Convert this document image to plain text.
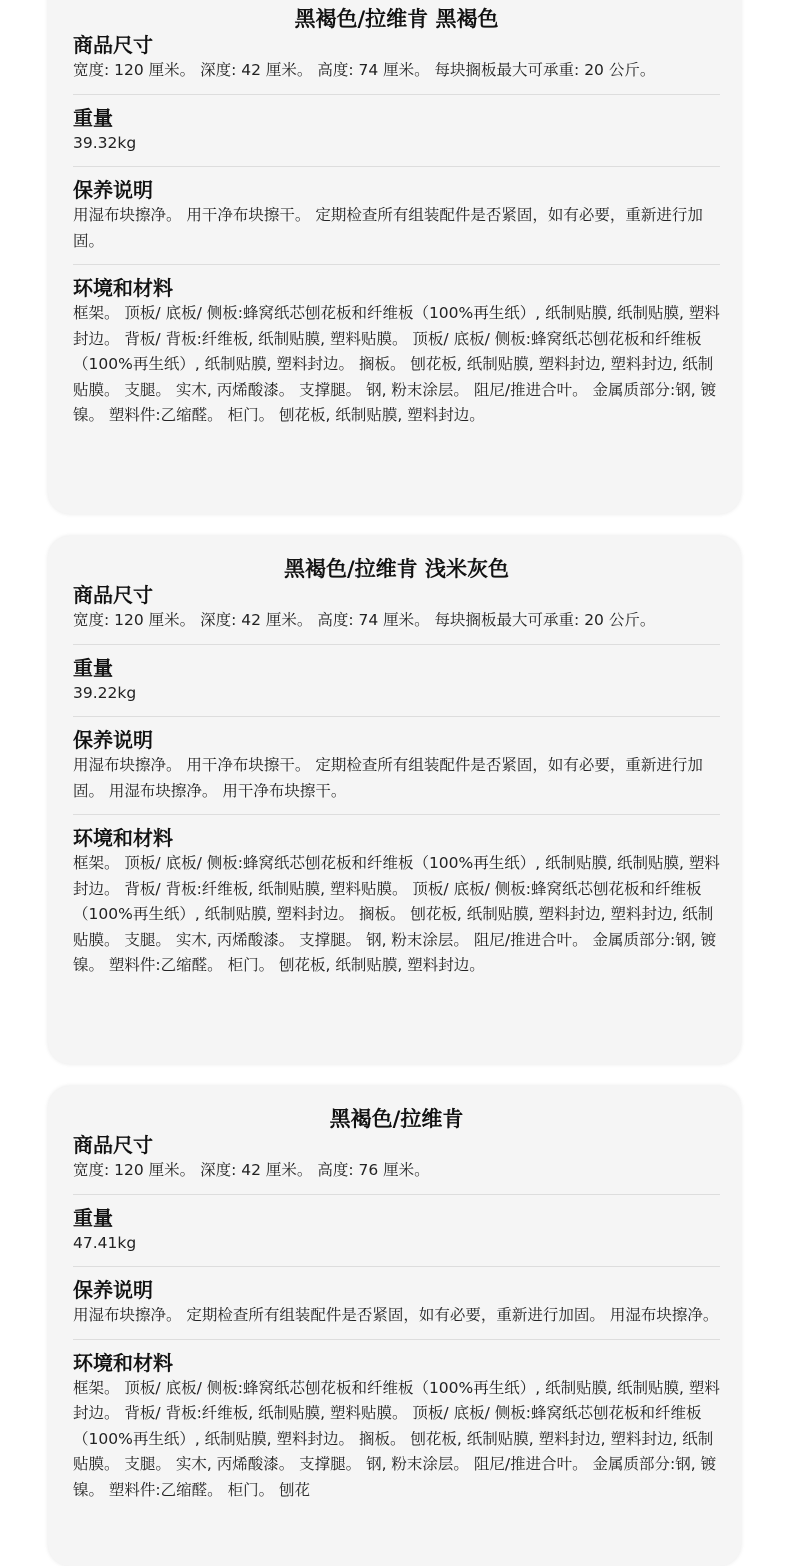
黑褐色/拉维肯 黑褐色
商品尺寸

宽度: 120 厘米。 深度: 42 厘米。 高度: 74 厘米。 每块搁板最大可承重: 20 公斤。

重量

39.32kg

保养说明

用湿布块擦净。 用干净布块擦干。 定期检查所有组装配件是否紧固，如有必要，重新进行加固。

环境和材料

框架。 顶板/ 底板/ 侧板:蜂窝纸芯刨花板和纤维板（100%再生纸）, 纸制贴膜, 纸制贴膜, 塑料封边。 背板/ 背板:纤维板, 纸制贴膜, 塑料贴膜。 顶板/ 底板/ 侧板:蜂窝纸芯刨花板和纤维板（100%再生纸）, 纸制贴膜, 塑料封边。 搁板。 刨花板, 纸制贴膜, 塑料封边, 塑料封边, 纸制贴膜。 支腿。 实木, 丙烯酸漆。 支撑腿。 钢, 粉末涂层。 阻尼/推进合叶。 金属质部分:钢, 镀镍。 塑料件:乙缩醛。 柜门。 刨花板, 纸制贴膜, 塑料封边。

黑褐色/拉维肯 浅米灰色
商品尺寸

宽度: 120 厘米。 深度: 42 厘米。 高度: 74 厘米。 每块搁板最大可承重: 20 公斤。

重量

39.22kg

保养说明

用湿布块擦净。 用干净布块擦干。 定期检查所有组装配件是否紧固，如有必要，重新进行加固。 用湿布块擦净。 用干净布块擦干。

环境和材料

框架。 顶板/ 底板/ 侧板:蜂窝纸芯刨花板和纤维板（100%再生纸）, 纸制贴膜, 纸制贴膜, 塑料封边。 背板/ 背板:纤维板, 纸制贴膜, 塑料贴膜。 顶板/ 底板/ 侧板:蜂窝纸芯刨花板和纤维板（100%再生纸）, 纸制贴膜, 塑料封边。 搁板。 刨花板, 纸制贴膜, 塑料封边, 塑料封边, 纸制贴膜。 支腿。 实木, 丙烯酸漆。 支撑腿。 钢, 粉末涂层。 阻尼/推进合叶。 金属质部分:钢, 镀镍。 塑料件:乙缩醛。 柜门。 刨花板, 纸制贴膜, 塑料封边。

黑褐色/拉维肯
商品尺寸

宽度: 120 厘米。 深度: 42 厘米。 高度: 76 厘米。

重量

47.41kg

保养说明

用湿布块擦净。 定期检查所有组装配件是否紧固，如有必要，重新进行加固。 用湿布块擦净。

环境和材料

框架。 顶板/ 底板/ 侧板:蜂窝纸芯刨花板和纤维板（100%再生纸）, 纸制贴膜, 纸制贴膜, 塑料封边。 背板/ 背板:纤维板, 纸制贴膜, 塑料贴膜。 顶板/ 底板/ 侧板:蜂窝纸芯刨花板和纤维板（100%再生纸）, 纸制贴膜, 塑料封边。 搁板。 刨花板, 纸制贴膜, 塑料封边, 塑料封边, 纸制贴膜。 支腿。 实木, 丙烯酸漆。 支撑腿。 钢, 粉末涂层。 阻尼/推进合叶。 金属质部分:钢, 镀镍。 塑料件:乙缩醛。 柜门。 刨花
